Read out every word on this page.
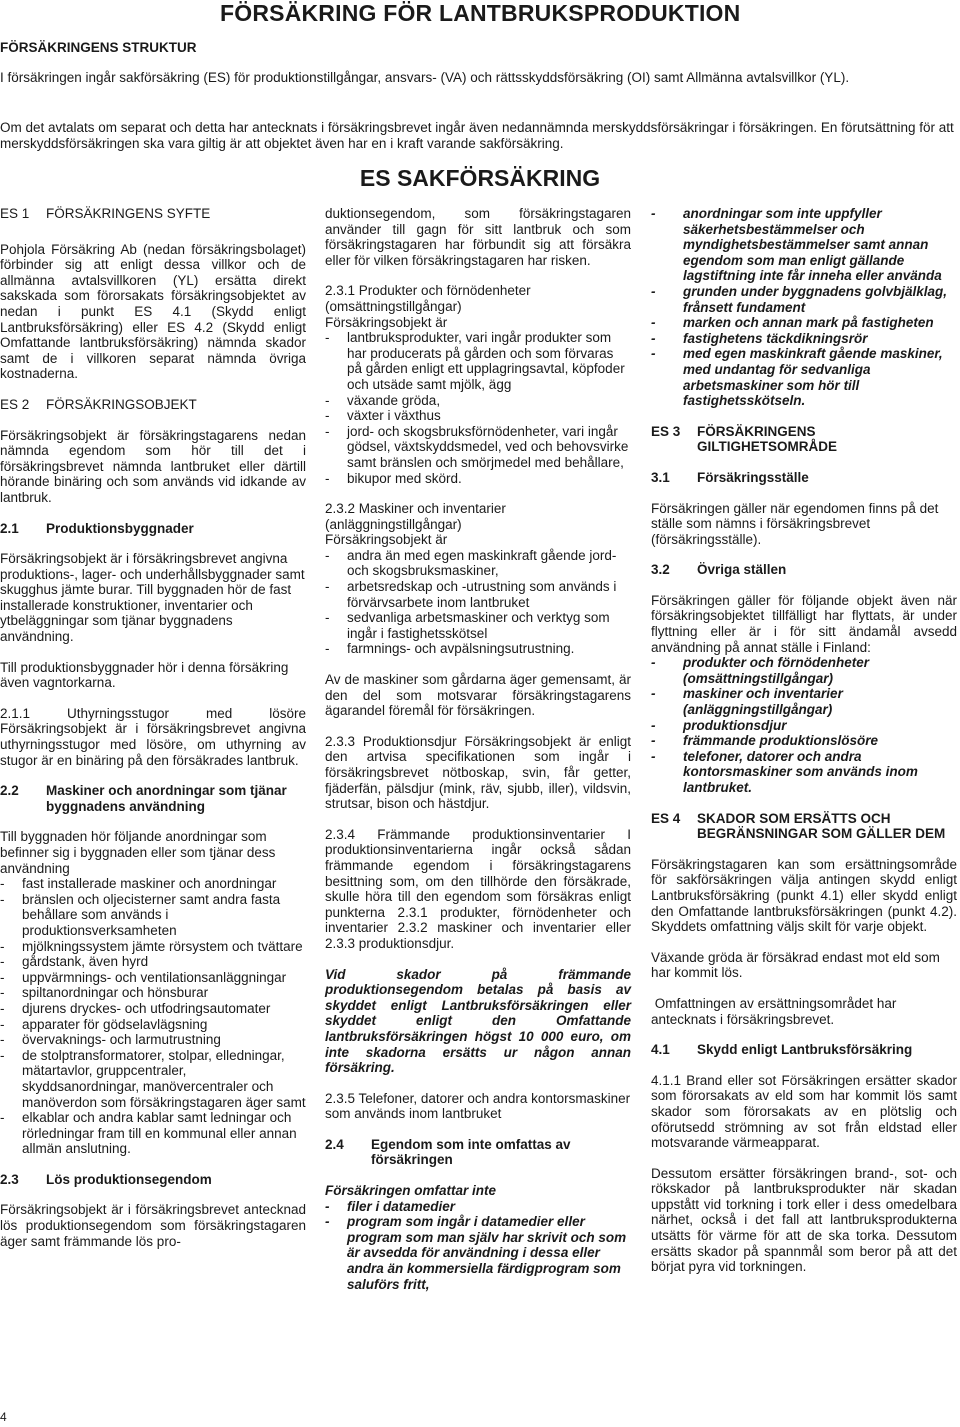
FÖRSÄKRING FÖR LANTBRUKSPRODUKTION
FÖRSÄKRINGENS STRUKTUR
I försäkringen ingår sakförsäkring (ES) för produktionstillgångar, ansvars- (VA) och rättsskyddsförsäkring (OI) samt Allmänna avtalsvillkor (YL).
Om det avtalats om separat och detta har antecknats i försäkringsbrevet ingår även nedannämnda merskyddsförsäkringar i försäkringen. En förutsättning för att merskyddsförsäkringen ska vara giltig är att objektet även har en i kraft varande sakförsäkring.
ES SAKFÖRSÄKRING
ES 1	FÖRSÄKRINGENS SYFTE

Pohjola Försäkring Ab (nedan försäkringsbolaget) förbinder sig att enligt dessa villkor och de allmänna avtalsvillkoren (YL) ersätta direkt sakskada som förorsakats försäkringsobjektet av nedan i punkt ES 4.1 (Skydd enligt Lantbruksförsäkring) eller ES 4.2 (Skydd enligt Omfattande lantbruksförsäkring) nämnda skador samt de i villkoren separat nämnda övriga kostnaderna.

ES 2	FÖRSÄKRINGSOBJEKT

Försäkringsobjekt är försäkringstagarens nedan nämnda egendom som hör till det i försäkringsbrevet nämnda lantbruket eller därtill hörande binäring och som används vid idkande av lantbruk.

2.1	Produktionsbyggnader

Försäkringsobjekt är i försäkringsbrevet angivna produktions-, lager- och underhållsbyggnader samt skugghus jämte burar. Till byggnaden hör de fast installerade konstruktioner, inventarier och ytbeläggningar som tjänar byggnadens användning.

Till produktionsbyggnader hör i denna försäkring även vagntorkarna.

2.1.1 Uthyrningsstugor med lösöre Försäkringsobjekt är i försäkringsbrevet angivna uthyrningsstugor med lösöre, om uthyrning av stugor är en binäring på den försäkrades lantbruk.

2.2	Maskiner och anordningar som tjänar byggnadens användning

Till byggnaden hör följande anordningar som befinner sig i byggnaden eller som tjänar dess användning

- fast installerade maskiner och anordningar
- bränslen och oljecisterner samt andra fasta behållare som används i produktionsverksamheten
- mjölkningssystem jämte rörsystem och tvättare
- gårdstank, även hyrd
- uppvärmnings- och ventilationsanläggningar
- spiltanordningar och hönsburar
- djurens dryckes- och utfodringsautomater
- apparater för gödselavlägsning
- övervaknings- och larmutrustning
- de stolptransformatorer, stolpar, elledningar, mätartavlor, gruppcentraler, skyddsanordningar, manövercentraler och manöverdon som försäkringstagaren äger samt
- elkablar och andra kablar samt ledningar och rörledningar fram till en kommunal eller annan allmän anslutning.
2.3	Lös produktionsegendom

Försäkringsobjekt är i försäkringsbrevet antecknad lös produktionsegendom som försäkringstagaren äger samt främmande lös pro-

duktionsegendom, som försäkringstagaren använder till gagn för sitt lantbruk och som försäkringstagaren har förbundit sig att försäkra eller för vilken försäkringstagaren har risken.

2.3.1 Produkter och förnödenheter (omsättningstillgångar)

Försäkringsobjekt är

- lantbruksprodukter, vari ingår produkter som har producerats på gården och som förvaras på gården enligt ett upplagringsavtal, köpfoder och utsäde samt mjölk, ägg
- växande gröda,
- växter i växthus
- jord- och skogsbruksförnödenheter, vari ingår gödsel, växtskyddsmedel, ved och behovsvirke samt bränslen och smörjmedel med behållare,
- bikupor med skörd.

2.3.2 Maskiner och inventarier (anläggningstillgångar)

Försäkringsobjekt är

- andra än med egen maskinkraft gående jord- och skogsbruksmaskiner,
- arbetsredskap och -utrustning som används i förvärvsarbete inom lantbruket
- sedvanliga arbetsmaskiner och verktyg som ingår i fastighetsskötsel
- farmnings- och avpälsningsutrustning.

Av de maskiner som gårdarna äger gemensamt, är den del som motsvarar försäkringstagarens ägarandel föremål för försäkringen.

2.3.3 Produktionsdjur Försäkringsobjekt är enligt den artvisa specifikationen som ingår i försäkringsbrevet nötboskap, svin, får getter, fjäderfän, pälsdjur (mink, räv, sjubb, iller), vildsvin, strutsar, bison och hästdjur.

2.3.4 Främmande produktionsinventarier I produktionsinventarierna ingår också sådan främmande egendom i försäkringstagarens besittning som, om den tillhörde den försäkrade, skulle höra till den egendom som försäkras enligt punkterna 2.3.1 produkter, förnödenheter och inventarier 2.3.2 maskiner och inventarier eller 2.3.3 produktionsdjur.

Vid skador på främmande produktionsegendom betalas på basis av skyddet enligt Lantbruksförsäkringen eller skyddet enligt den Omfattande lantbruksförsäkringen högst 10 000 euro, om inte skadorna ersätts ur någon annan försäkring.

2.3.5 Telefoner, datorer och andra kontorsmaskiner som används inom lantbruket

2.4	Egendom som inte omfattas av försäkringen

Försäkringen omfattar inte

- filer i datamedier
- program som ingår i datamedier eller program som man själv har skrivit och som är avsedda för användning i dessa eller andra än kommersiella färdigprogram som saluförs fritt,
- anordningar som inte uppfyller säkerhetsbestämmelser och myndighetsbestämmelser samt annan egendom som man enligt gällande lagstiftning inte får inneha eller använda
- grunden under byggnadens golvbjälklag, frånsett fundament
- marken och annan mark på fastigheten
- fastighetens täckdikningsrör
- med egen maskinkraft gående maskiner, med undantag för sedvanliga arbetsmaskiner som hör till fastighetsskötseln.
ES 3	FÖRSÄKRINGENS GILTIGHETSOMRÅDE
3.1	Försäkringsställe

Försäkringen gäller när egendomen finns på det ställe som nämns i försäkringsbrevet (försäkringsställe).

3.2	Övriga ställen

Försäkringen gäller för följande objekt även när försäkringsobjektet tillfälligt har flyttats, är under flyttning eller är i för sitt ändamål avsedd användning på annat ställe i Finland:

- produkter och förnödenheter (omsättningstillgångar)
- maskiner och inventarier (anläggningstillgångar)
- produktionsdjur
- främmande produktionslösöre
- telefoner, datorer och andra kontorsmaskiner som används inom lantbruket.
ES 4	SKADOR SOM ERSÄTTS OCH BEGRÄNSNINGAR SOM GÄLLER DEM

Försäkringstagaren kan som ersättningsområde för sakförsäkringen välja antingen skydd enligt Lantbruksförsäkring (punkt 4.1) eller skydd enligt den Omfattande lantbruksförsäkringen (punkt 4.2). Skyddets omfattning väljs skilt för varje objekt.

Växande gröda är försäkrad endast mot eld som har kommit lös.

Omfattningen av ersättningsområdet har antecknats i försäkringsbrevet.

4.1	Skydd enligt Lantbruksförsäkring

4.1.1 Brand eller sot Försäkringen ersätter skador som förorsakats av eld som har kommit lös samt skador som förorsakats av en plötslig och oförutsedd strömning av sot från eldstad eller motsvarande värmeapparat.

Dessutom ersätter försäkringen brand-, sot- och rökskador på lantbruksprodukter när skadan uppstått vid torkning i tork eller i dess omedelbara närhet, också i det fall att lantbruksprodukterna utsätts för värme för att de ska torka. Dessutom ersätts skador på spannmål som beror på att det börjat pyra vid torkningen.

4
